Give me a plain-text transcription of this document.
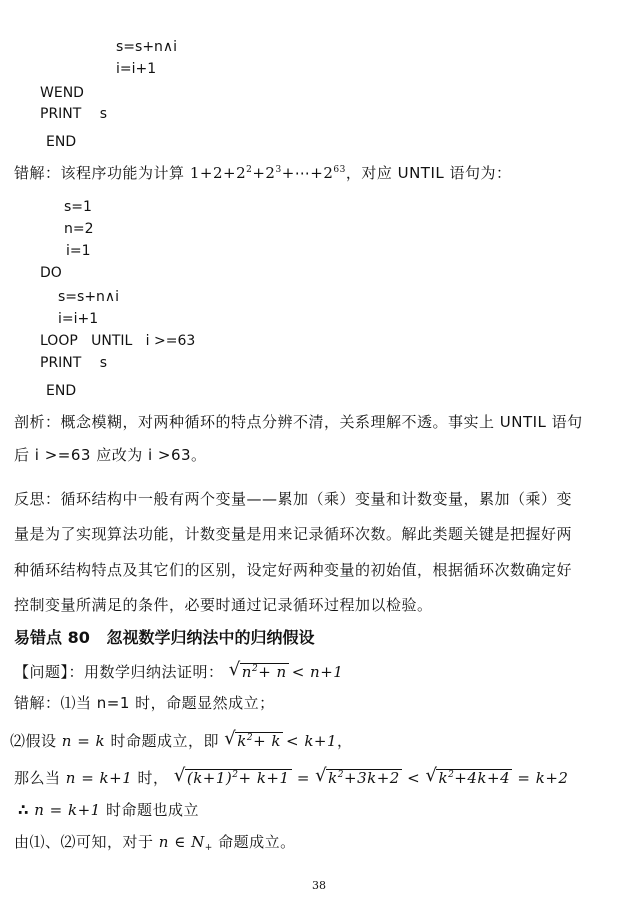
s=s+n∧i
i=i+1
WEND
PRINT s
END
错解：该程序功能为计算 $1+2+2^2+2^3+\cdots+2^{63}$，对应 UNTIL 语句为：
s=1
n=2
i=1
DO
s=s+n∧i
i=i+1
LOOP   UNTIL   i >=63
PRINT s
END
剖析：概念模糊，对两种循环的特点分辨不清，关系理解不透。事实上 UNTIL 语句
后 i >=63 应改为 i >63。
反思：循环结构中一般有两个变量——累加（乘）变量和计数变量，累加（乘）变
量是为了实现算法功能，计数变量是用来记录循环次数。解此类题关键是把握好两
种循环结构特点及其它们的区别，设定好两种变量的初始值，根据循环次数确定好
控制变量所满足的条件，必要时通过记录循环过程加以检验。
易错点 80   忽视数学归纳法中的归纳假设
【问题】：用数学归纳法证明： √ $n^2+ n < n+1$
错解：⑴当 n=1 时，命题显然成立；
⑵假设 n = k 时命题成立，即 √ $k^2+ k < k+1$，
那么当 n = k+1 时， √ $(k+1)^2+ k+1$ = √ $k^2+3k+2$ < √ $k^2+4k+4 = k+2$
∴ n = k+1 时命题也成立
由⑴、⑵可知，对于 n ∈ $N_+$ 命题成立。
38
